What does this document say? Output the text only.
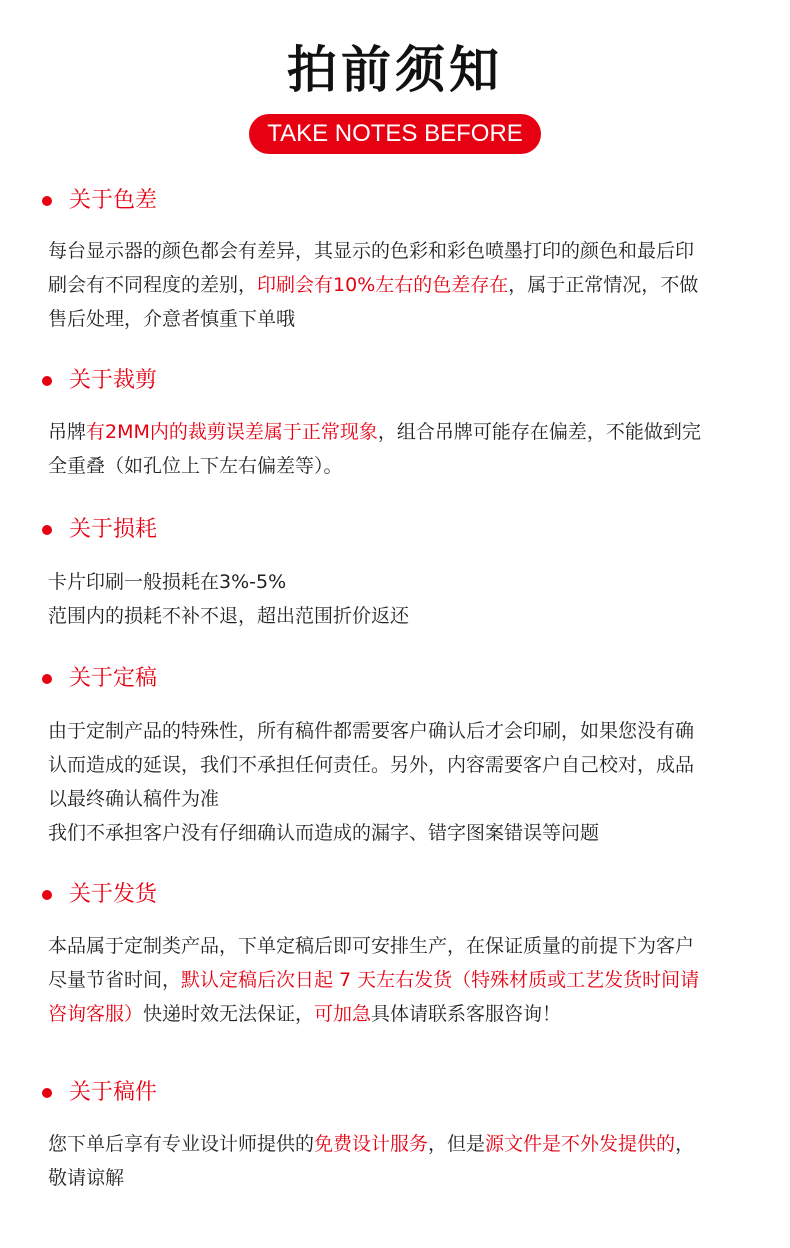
拍前须知
TAKE NOTES BEFORE
关于色差
每台显示器的颜色都会有差异，其显示的色彩和彩色喷墨打印的颜色和最后印
刷会有不同程度的差别，印刷会有10%左右的色差存在，属于正常情况，不做
售后处理，介意者慎重下单哦
关于裁剪
吊牌有2MM内的裁剪误差属于正常现象，组合吊牌可能存在偏差，不能做到完
全重叠（如孔位上下左右偏差等）。
关于损耗
卡片印刷一般损耗在3%-5%
范围内的损耗不补不退，超出范围折价返还
关于定稿
由于定制产品的特殊性，所有稿件都需要客户确认后才会印刷，如果您没有确
认而造成的延误，我们不承担任何责任。另外，内容需要客户自己校对，成品
以最终确认稿件为准
我们不承担客户没有仔细确认而造成的漏字、错字图案错误等问题
关于发货
本品属于定制类产品，下单定稿后即可安排生产，在保证质量的前提下为客户
尽量节省时间，默认定稿后次日起 7 天左右发货（特殊材质或工艺发货时间请
咨询客服）快递时效无法保证，可加急具体请联系客服咨询！
关于稿件
您下单后享有专业设计师提供的免费设计服务，但是源文件是不外发提供的，
敬请谅解
